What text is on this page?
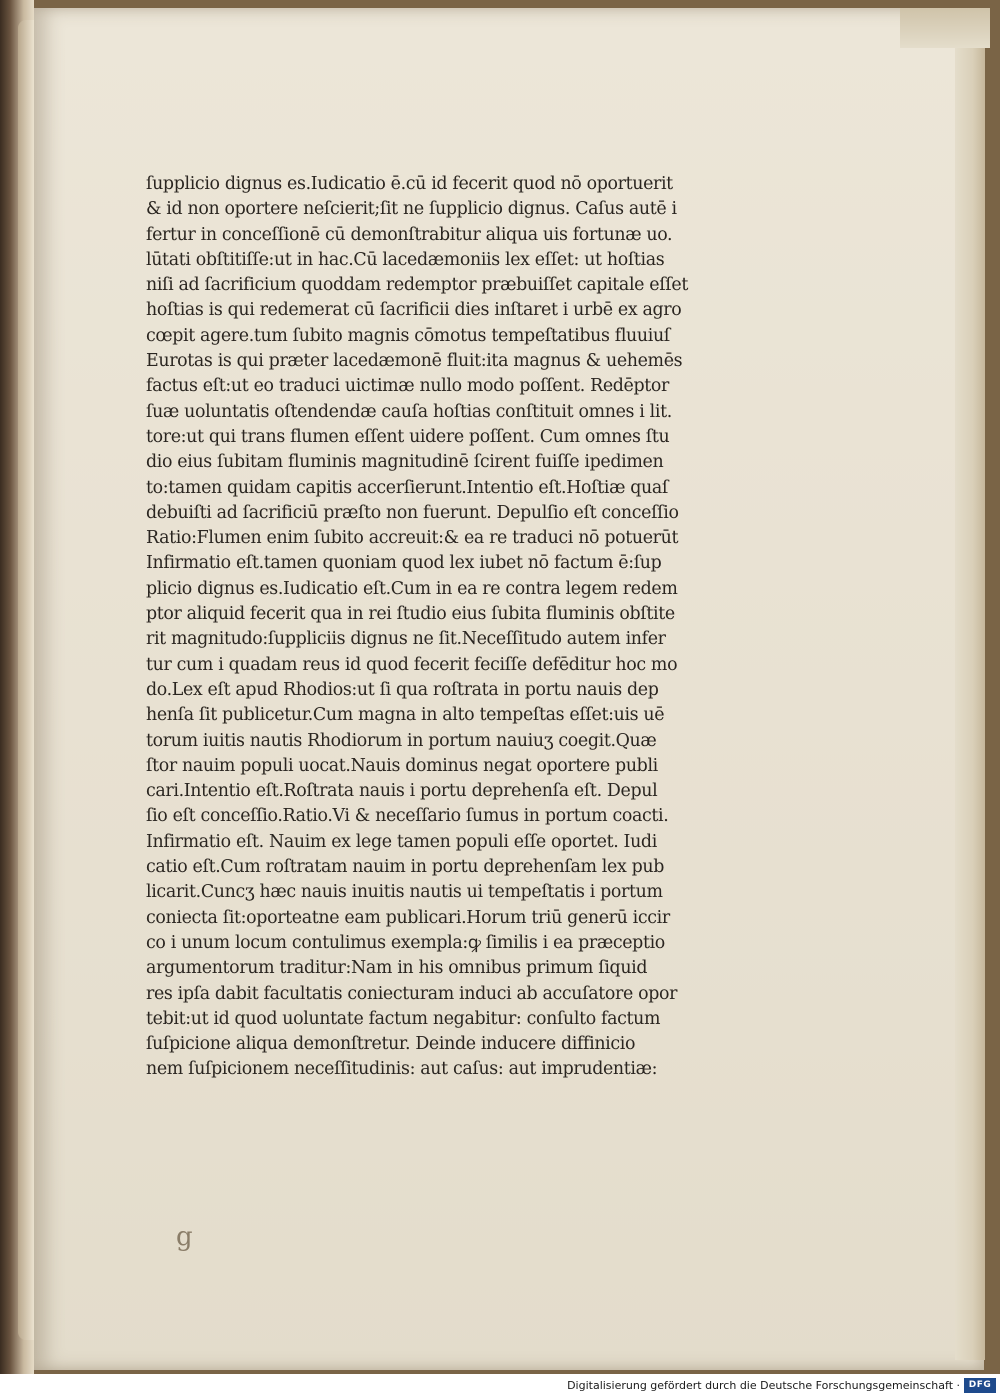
ſupplicio dignus es.Iudicatio ē.cū id fecerit quod nō oportuerit
& id non oportere neſcierit;ſit ne ſupplicio dignus. Caſus autē i
fertur in conceſſionē cū demonſtrabitur aliqua uis fortunæ uo.
lūtati obſtitiſſe:ut in hac.Cū lacedæmoniis lex eſſet: ut hoſtias
niſi ad ſacrificium quoddam redemptor præbuiſſet capitale eſſet
hoſtias is qui redemerat cū ſacrificii dies inſtaret i urbē ex agro
cœpit agere.tum ſubito magnis cōmotus tempeſtatibus fluuiuſ
Eurotas is qui præter lacedæmonē fluit:ita magnus & uehemēs
factus eſt:ut eo traduci uictimæ nullo modo poſſent. Redēptor
ſuæ uoluntatis oſtendendæ cauſa hoſtias conſtituit omnes i lit.
tore:ut qui trans flumen eſſent uidere poſſent. Cum omnes ſtu
dio eius ſubitam fluminis magnitudinē ſcirent fuiſſe ipedimen
to:tamen quidam capitis accerſierunt.Intentio eſt.Hoſtiæ quaſ
debuiſti ad ſacrificiū præſto non fuerunt. Depulſio eſt conceſſio
Ratio:Flumen enim ſubito accreuit:& ea re traduci nō potuerūt
Infirmatio eſt.tamen quoniam quod lex iubet nō factum ē:ſup
plicio dignus es.Iudicatio eſt.Cum in ea re contra legem redem
ptor aliquid fecerit qua in rei ſtudio eius ſubita fluminis obſtite
rit magnitudo:ſuppliciis dignus ne ſit.Neceſſitudo autem infer
tur cum i quadam reus id quod fecerit feciſſe defēditur hoc mo
do.Lex eſt apud Rhodios:ut ſi qua roſtrata in portu nauis dep
henſa ſit publicetur.Cum magna in alto tempeſtas eſſet:uis uē
torum iuitis nautis Rhodiorum in portum nauiuʒ coegit.Quæ
ſtor nauim populi uocat.Nauis dominus negat oportere publi
cari.Intentio eſt.Roſtrata nauis i portu deprehenſa eſt. Depul
ſio eſt conceſſio.Ratio.Vi & neceſſario ſumus in portum coacti.
Infirmatio eſt. Nauim ex lege tamen populi eſſe oportet. Iudi
catio eſt.Cum roſtratam nauim in portu deprehenſam lex pub
licarit.Cuncʒ hæc nauis inuitis nautis ui tempeſtatis i portum
coniecta ſit:oporteatne eam publicari.Horum triū generū iccir
co i unum locum contulimus exempla:ꝙ ſimilis i ea præceptio
argumentorum traditur:Nam in his omnibus primum ſiquid
res ipſa dabit facultatis coniecturam induci ab accuſatore opor
tebit:ut id quod uoluntate factum negabitur: conſulto factum
ſuſpicione aliqua demonſtretur. Deinde inducere diffinicio
nem ſuſpicionem neceſſitudinis: aut caſus: aut imprudentiæ:
g
Digitalisierung gefördert durch die Deutsche Forschungsgemeinschaft · DFG
